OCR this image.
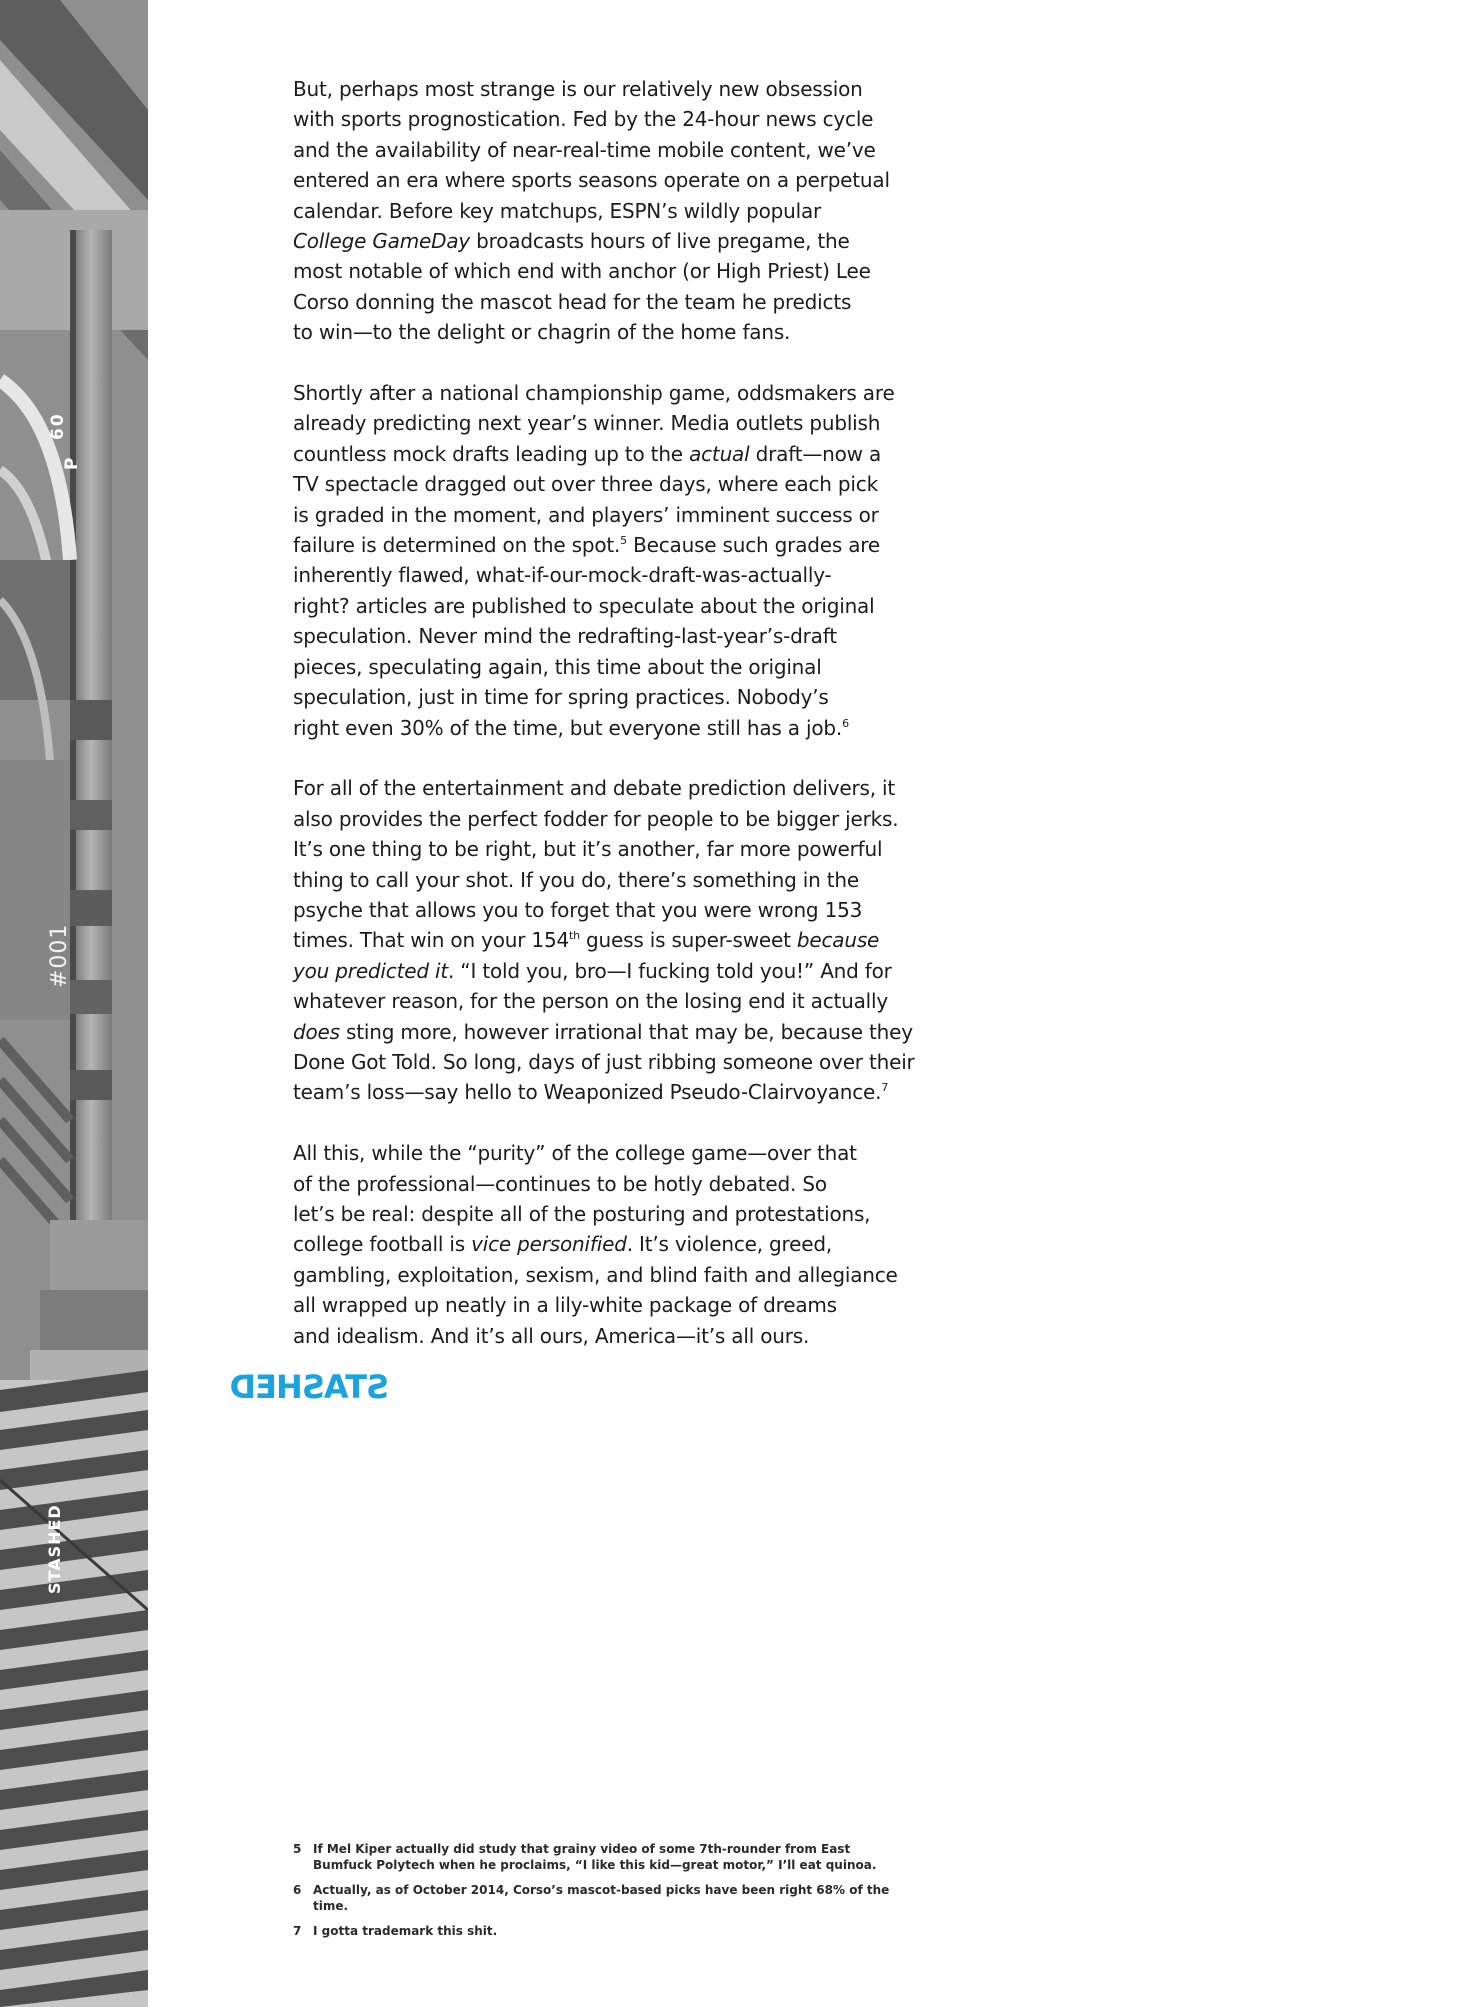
60
P
#001
STASHED

But, perhaps most strange is our relatively new obsession
with sports prognostication. Fed by the 24-hour news cycle
and the availability of near-real-time mobile content, we’ve
entered an era where sports seasons operate on a perpetual
calendar. Before key matchups, ESPN’s wildly popular
College GameDay broadcasts hours of live pregame, the
most notable of which end with anchor (or High Priest) Lee
Corso donning the mascot head for the team he predicts
to win—to the delight or chagrin of the home fans.

Shortly after a national championship game, oddsmakers are
already predicting next year’s winner. Media outlets publish
countless mock drafts leading up to the actual draft—now a
TV spectacle dragged out over three days, where each pick
is graded in the moment, and players’ imminent success or
failure is determined on the spot.$^5$ Because such grades are
inherently flawed, what-if-our-mock-draft-was-actually-
right? articles are published to speculate about the original
speculation. Never mind the redrafting-last-year’s-draft
pieces, speculating again, this time about the original
speculation, just in time for spring practices. Nobody’s
right even 30% of the time, but everyone still has a job.$^6$

For all of the entertainment and debate prediction delivers, it
also provides the perfect fodder for people to be bigger jerks.
It’s one thing to be right, but it’s another, far more powerful
thing to call your shot. If you do, there’s something in the
psyche that allows you to forget that you were wrong 153
times. That win on your 154th guess is super-sweet because
you predicted it. “I told you, bro—I fucking told you!” And for
whatever reason, for the person on the losing end it actually
does sting more, however irrational that may be, because they
Done Got Told. So long, days of just ribbing someone over their
team’s loss—say hello to Weaponized Pseudo-Clairvoyance.$^7$

All this, while the “purity” of the college game—over that
of the professional—continues to be hotly debated. So
let’s be real: despite all of the posturing and protestations,
college football is vice personified. It’s violence, greed,
gambling, exploitation, sexism, and blind faith and allegiance
all wrapped up neatly in a lily-white package of dreams
and idealism. And it’s all ours, America—it’s all ours.

STASHED
5 If Mel Kiper actually did study that grainy video of some 7th-rounder from East
Bumfuck Polytech when he proclaims, “I like this kid—great motor,” I’ll eat quinoa.
6 Actually, as of October 2014, Corso’s mascot-based picks have been right 68% of the time.
7 I gotta trademark this shit.
